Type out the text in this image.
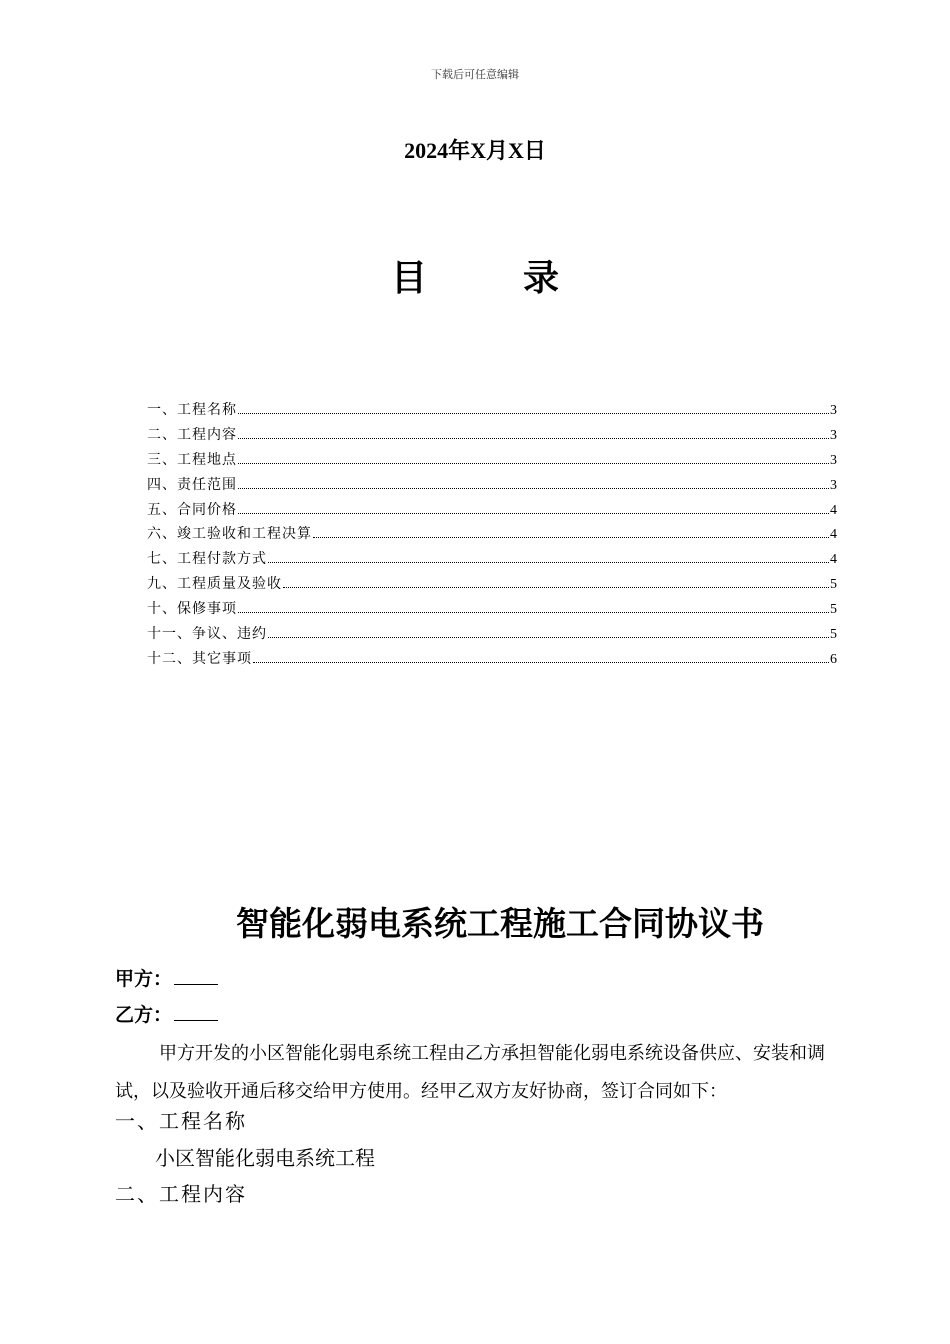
下载后可任意编辑
2024年X月X日
目	录
一、工程名称	3
二、工程内容	3
三、工程地点	3
四、责任范围	3
五、合同价格	4
六、竣工验收和工程决算	4
七、工程付款方式	4
九、工程质量及验收	5
十、保修事项	5
十一、争议、违约	5
十二、其它事项	6
智能化弱电系统工程施工合同协议书
甲方：
乙方：
甲方开发的小区智能化弱电系统工程由乙方承担智能化弱电系统设备供应、安装和调试，以及验收开通后移交给甲方使用。经甲乙双方友好协商，签订合同如下：
一、工程名称
小区智能化弱电系统工程
二、工程内容
